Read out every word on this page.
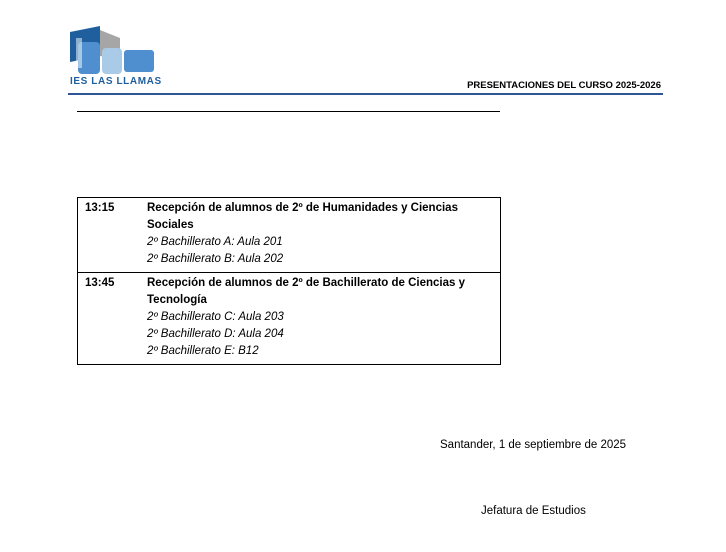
IES LAS LLAMAS	PRESENTACIONES DEL CURSO 2025-2026
13:15	Recepción de alumnos de 2º de Humanidades y Ciencias Sociales
2º Bachillerato A: Aula 201
2º Bachillerato B: Aula 202

13:45	Recepción de alumnos de 2º de Bachillerato de Ciencias y Tecnología
2º Bachillerato C: Aula 203
2º Bachillerato D: Aula 204
2º Bachillerato E: B12
Santander, 1 de septiembre de 2025
Jefatura de Estudios
